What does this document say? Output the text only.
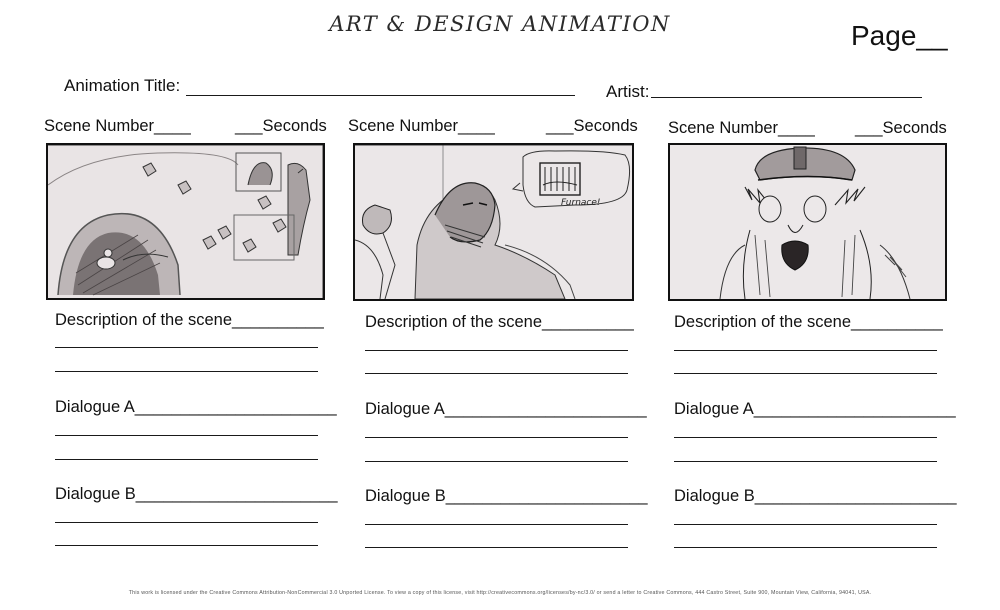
ART & DESIGN ANIMATION	Page__
Animation Title:	Artist:
Scene Number____	___Seconds
Description of the scene__________
Dialogue A______________________
Dialogue B______________________
Scene Number____	___Seconds
Furnace!
Description of the scene__________
Dialogue A______________________
Dialogue B______________________
Scene Number____ ___Seconds
Description of the scene__________
Dialogue A______________________
Dialogue B______________________
This work is licensed under the Creative Commons Attribution-NonCommercial 3.0 Unported License. To view a copy of this license, visit http://creativecommons.org/licenses/by-nc/3.0/ or send a letter to Creative Commons, 444 Castro Street, Suite 900, Mountain View, California, 94041, USA.
